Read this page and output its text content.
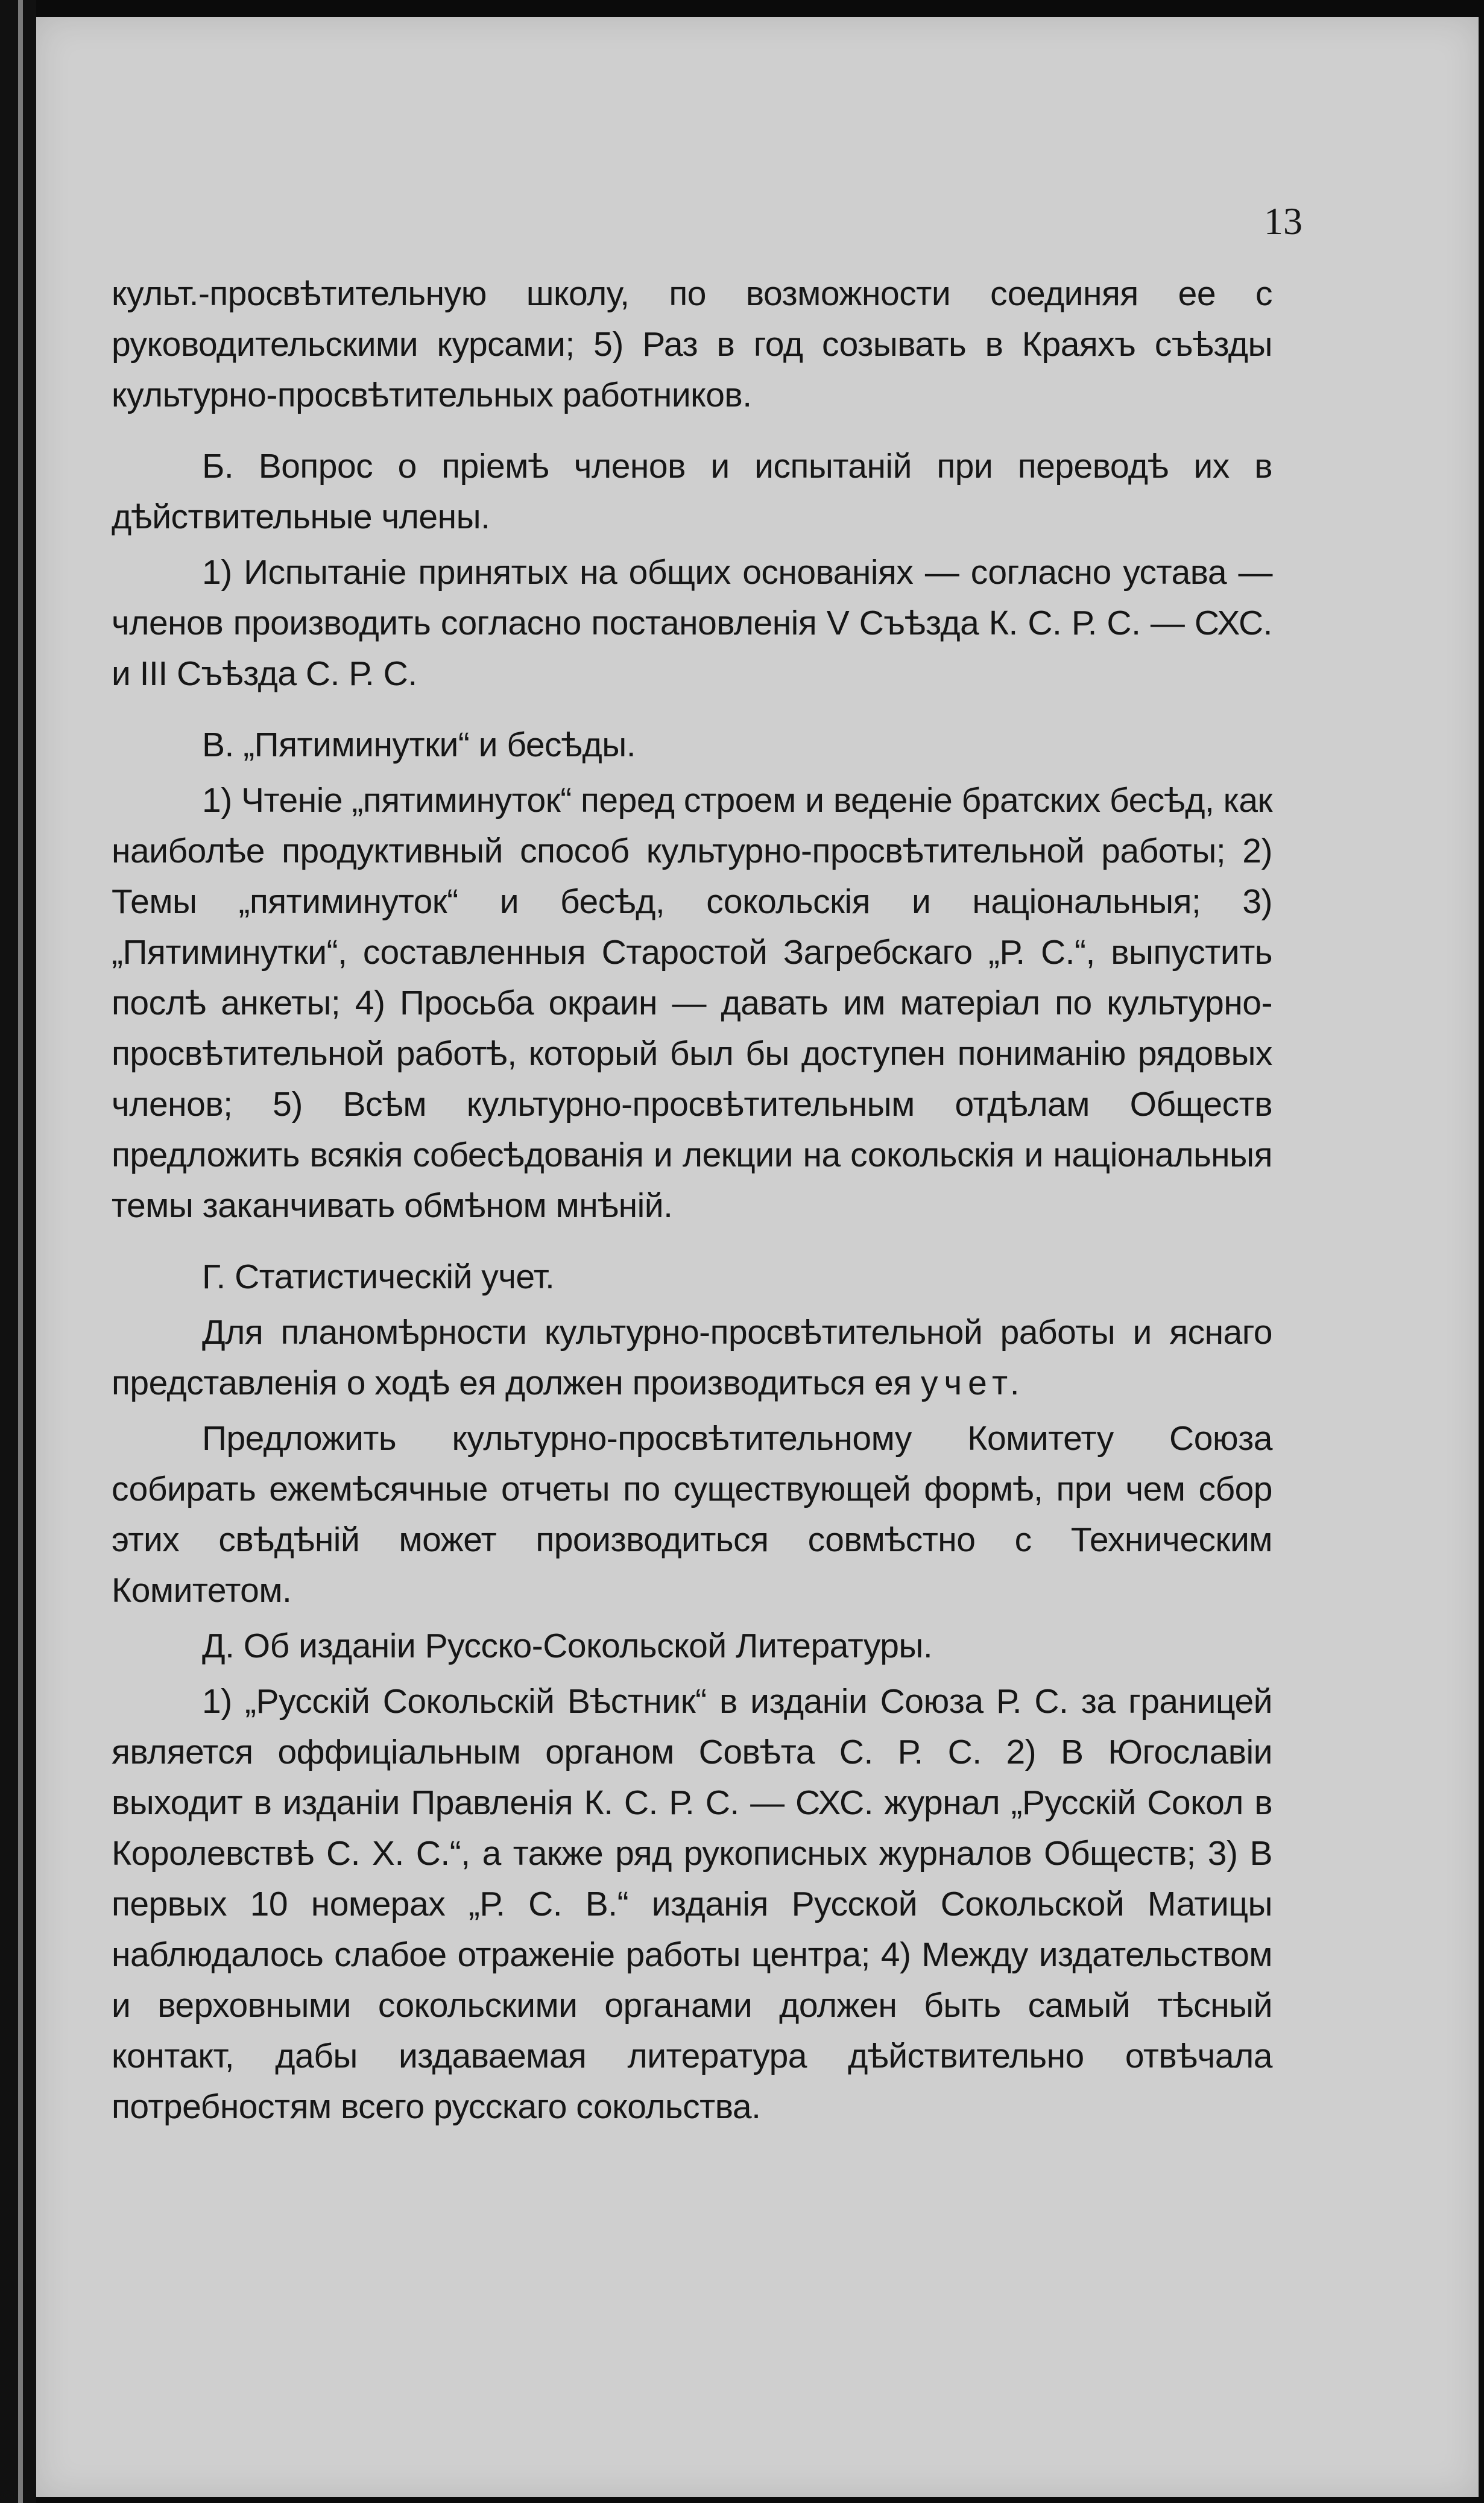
13

культ.-просвѣтительную школу, по возможности соединяя ее с руководительскими курсами; 5) Раз в год созывать в Краяхъ съѣзды культурно-просвѣтительных работников.

Б. Вопрос о пріемѣ членов и испытаній при переводѣ их в дѣйствительные члены.

1) Испытаніе принятых на общих основаніях — согласно устава — членов производить согласно постановленія V Съѣзда К. С. Р. С. — СХС. и III Съѣзда С. Р. С.

В. „Пятиминутки“ и бесѣды.

1) Чтеніе „пятиминуток“ перед строем и веденіе братских бесѣд, как наиболѣе продуктивный способ культурно-просвѣтительной работы; 2) Темы „пятиминуток“ и бесѣд, сокольскія и національныя; 3) „Пятиминутки“, составленныя Старостой Загребскаго „Р. С.“, выпустить послѣ анкеты; 4) Просьба окраин — давать им матеріал по культурно-просвѣтительной работѣ, который был бы доступен пониманію рядовых членов; 5) Всѣм культурно-просвѣтительным отдѣлам Обществ предложить всякія собесѣдованія и лекции на сокольскія и національныя темы заканчивать обмѣном мнѣній.

Г. Статистическій учет.

Для планомѣрности культурно-просвѣтительной работы и яснаго представленія о ходѣ ея должен производиться ея учет.

Предложить культурно-просвѣтительному Комитету Союза собирать ежемѣсячные отчеты по существующей формѣ, при чем сбор этих свѣдѣній может производиться совмѣстно с Техническим Комитетом.

Д. Об изданіи Русско-Сокольской Литературы.

1) „Русскій Сокольскій Вѣстник“ в изданіи Союза Р. С. за границей является оффиціальным органом Совѣта С. Р. С. 2) В Югославіи выходит в изданіи Правленія К. С. Р. С. — СХС. журнал „Русскій Сокол в Королевствѣ С. Х. С.“, а также ряд рукописных журналов Обществ; 3) В первых 10 номерах „Р. С. В.“ изданія Русской Сокольской Матицы наблюдалось слабое отраженіе работы центра; 4) Между издательством и верховными сокольскими органами должен быть самый тѣсный контакт, дабы издаваемая литература дѣйствительно отвѣчала потребностям всего русскаго сокольства.
